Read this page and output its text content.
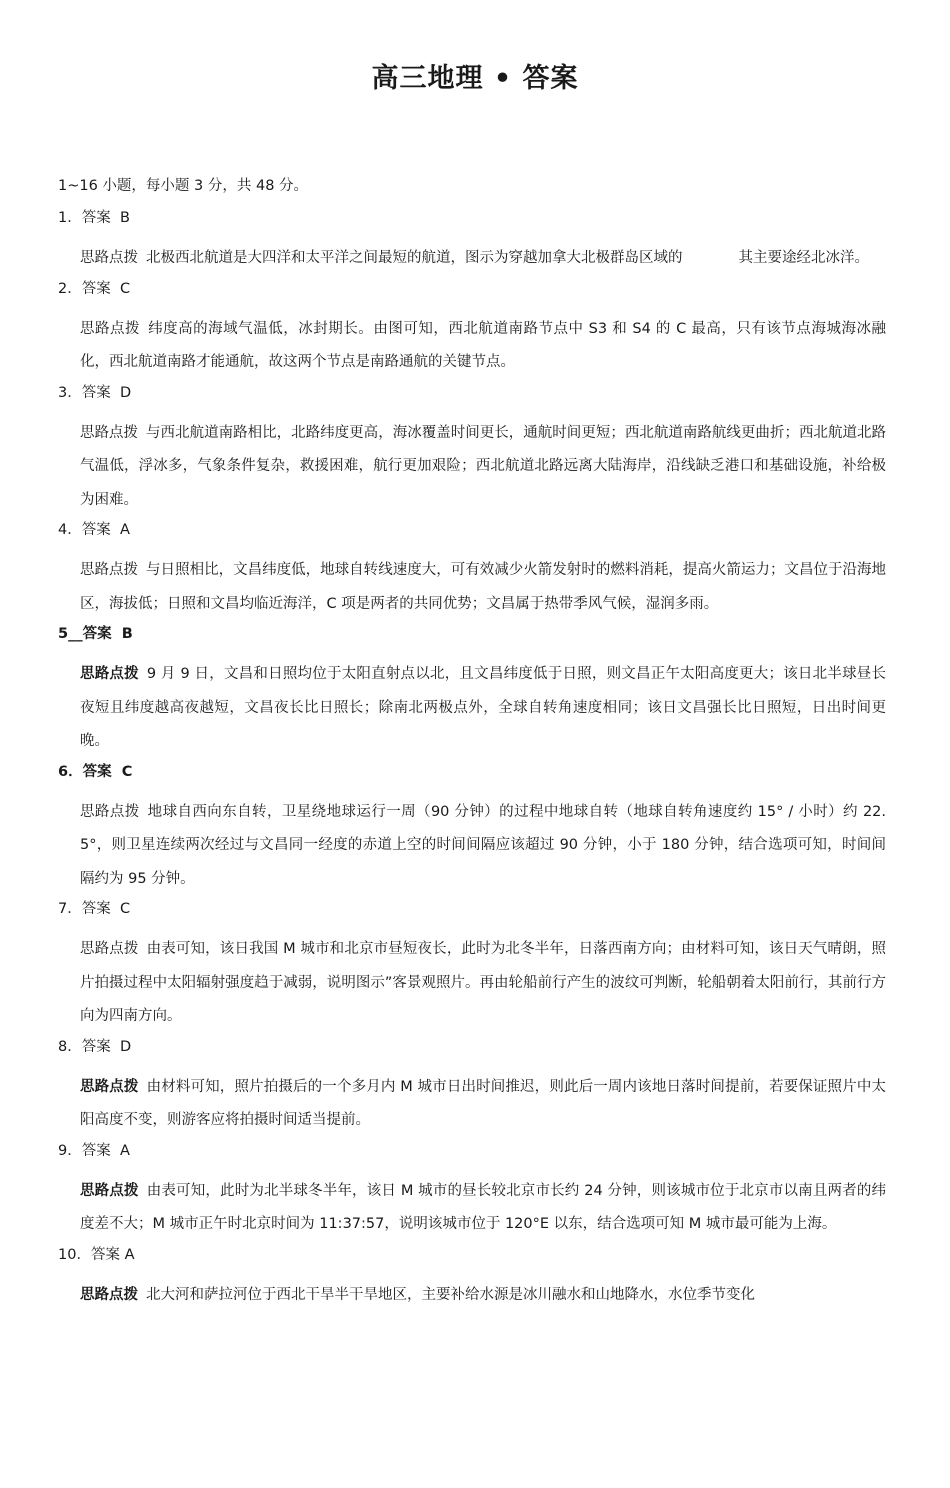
高三地理 • 答案
1~16 小题，每小题 3 分，共 48 分。
1．答案 B
思路点拨 北极西北航道是大四洋和太平洋之间最短的航道，图示为穿越加拿大北极群岛区域的	其主要途经北冰洋。
2．答案 C
思路点拨 纬度高的海域气温低，冰封期长。由图可知，西北航道南路节点中 S3 和 S4 的 C 最高，只有该节点海城海冰融化，西北航道南路才能通航，故这两个节点是南路通航的关键节点。
3．答案 D
思路点拨 与西北航道南路相比，北路纬度更高，海冰覆盖时间更长，通航时间更短；西北航道南路航线更曲折；西北航道北路气温低，浮冰多，气象条件复杂，救援困难，航行更加艰险；西北航道北路远离大陆海岸，沿线缺乏港口和基础设施，补给极为困难。
4．答案 A
思路点拨 与日照相比，文昌纬度低，地球自转线速度大，可有效减少火箭发射时的燃料消耗，提高火箭运力；文昌位于沿海地区，海拔低；日照和文昌均临近海洋，C 项是两者的共同优势；文昌属于热带季风气候，湿润多雨。
5__答案 B
思路点拨 9 月 9 日，文昌和日照均位于太阳直射点以北，且文昌纬度低于日照，则文昌正午太阳高度更大；该日北半球昼长夜短且纬度越高夜越短，文昌夜长比日照长；除南北两极点外，全球自转角速度相同；该日文昌强长比日照短，日出时间更晚。
6．答案 C
思路点拨 地球自西向东自转，卫星绕地球运行一周（90 分钟）的过程中地球自转（地球自转角速度约 15° / 小时）约 22. 5°，则卫星连续两次经过与文昌同一经度的赤道上空的时间间隔应该超过 90 分钟，小于 180 分钟，结合选项可知，时间间隔约为 95 分钟。
7．答案 C
思路点拨 由表可知，该日我国 M 城市和北京市昼短夜长，此时为北冬半年，日落西南方向；由材料可知，该日天气晴朗，照片拍摄过程中太阳辐射强度趋于减弱，说明图示”客景观照片。再由轮船前行产生的波纹可判断，轮船朝着太阳前行，其前行方向为四南方向。
8．答案 D
思路点拨 由材料可知，照片拍摄后的一个多月内 M 城市日出时间推迟，则此后一周内该地日落时间提前，若要保证照片中太阳高度不变，则游客应将拍摄时间适当提前。
9．答案 A
思路点拨 由表可知，此时为北半球冬半年，该日 M 城市的昼长较北京市长约 24 分钟，则该城市位于北京市以南且两者的纬度差不大；M 城市正午时北京时间为 11:37:57，说明该城市位于 120°E 以东，结合选项可知 M 城市最可能为上海。
10．答案 A
思路点拨 北大河和萨拉河位于西北干旱半干旱地区，主要补给水源是冰川融水和山地降水，水位季节变化
